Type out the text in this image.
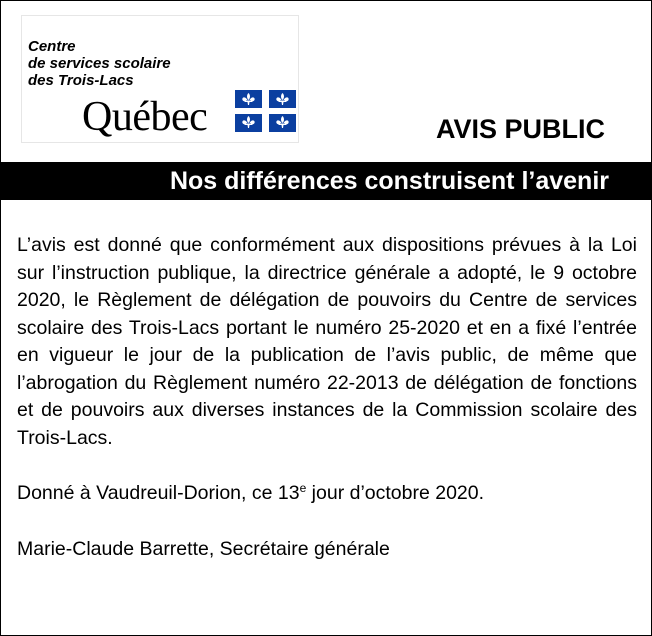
Centre
de services scolaire
des Trois-Lacs
Québec	AVIS PUBLIC
Nos différences construisent l’avenir

L’avis est donné que conformément aux dispositions prévues à la Loi sur l’instruction publique, la directrice générale a adopté, le 9 octobre 2020, le Règlement de délégation de pouvoirs du Centre de services scolaire des Trois-Lacs portant le numéro 25-2020 et en a fixé l’entrée en vigueur le jour de la publication de l’avis public, de même que l’abrogation du Règlement numéro 22-2013 de délégation de fonctions et de pouvoirs aux diverses instances de la Commission scolaire des Trois-Lacs.

Donné à Vaudreuil-Dorion, ce 13e jour d’octobre 2020.

Marie-Claude Barrette, Secrétaire générale
